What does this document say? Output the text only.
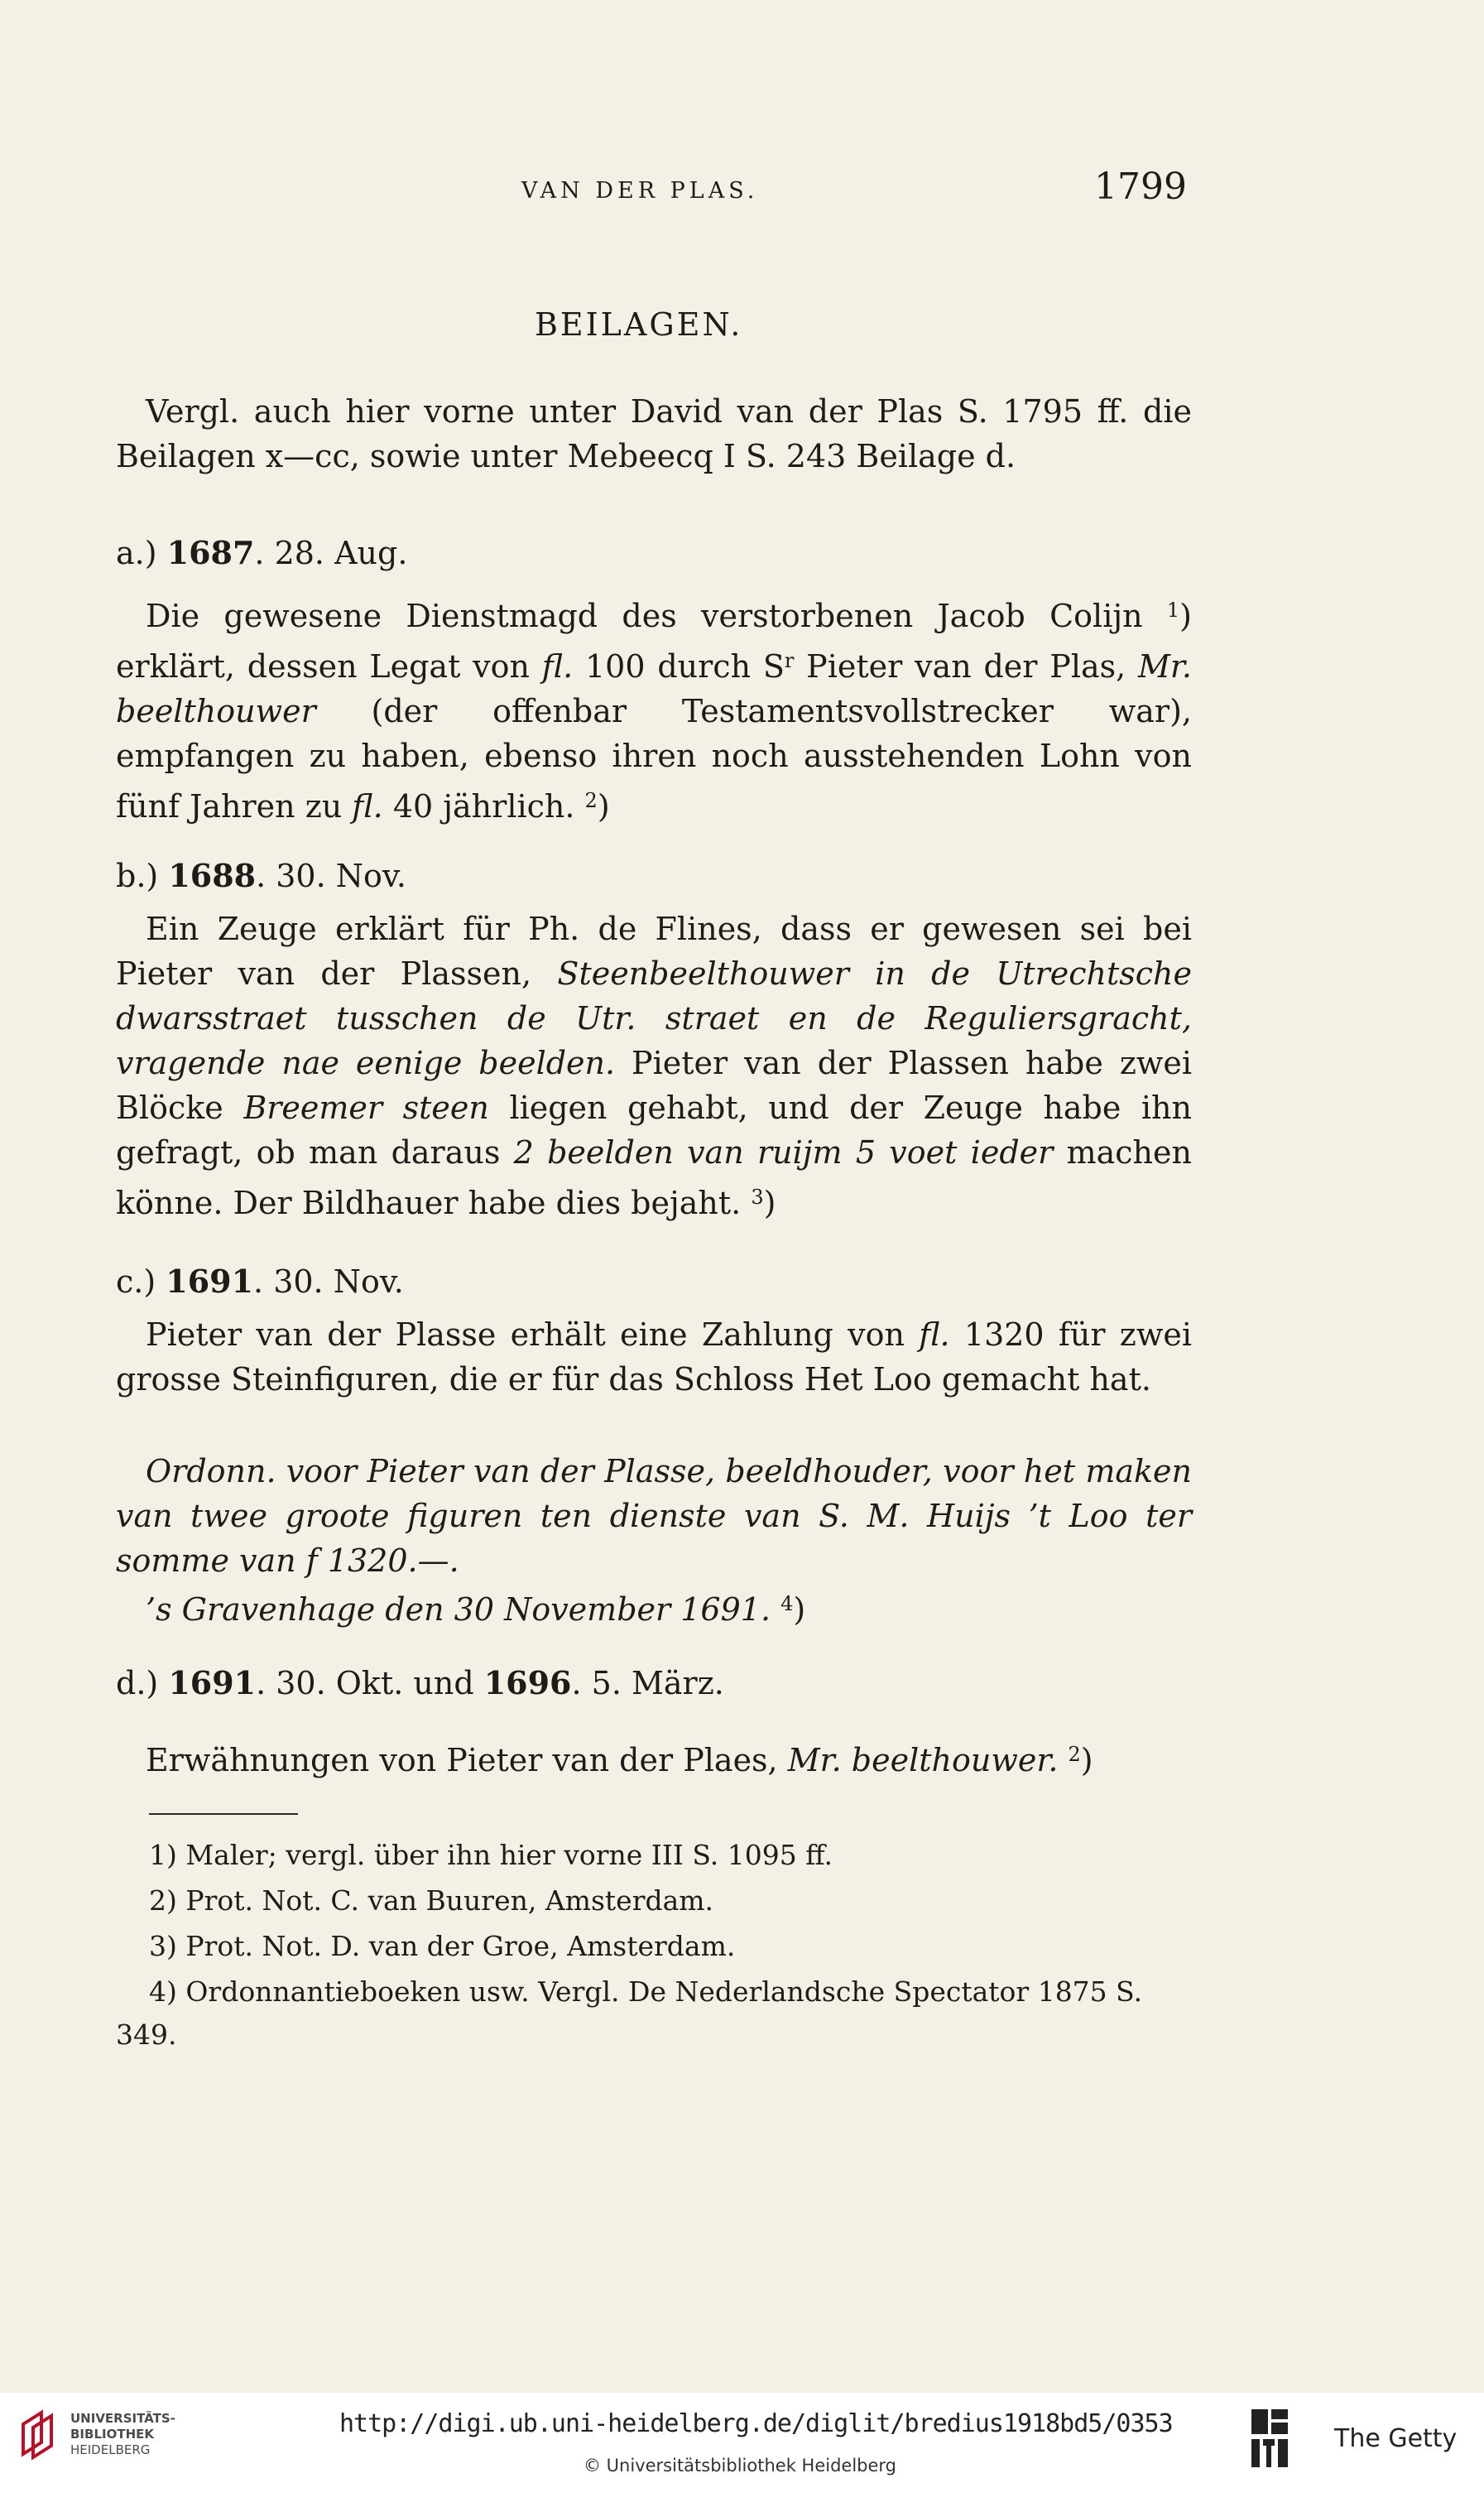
VAN DER PLAS.	1799
BEILAGEN.
Vergl. auch hier vorne unter David van der Plas S. 1795 ff. die Beilagen x—cc, sowie unter Mebeecq I S. 243 Beilage d.
a.) 1687. 28. Aug.
Die gewesene Dienstmagd des verstorbenen Jacob Colijn $^1$) erklärt, dessen Legat von fl. 100 durch $S^r$ Pieter van der Plas, Mr. beelthouwer (der offenbar Testamentsvollstrecker war), empfangen zu haben, ebenso ihren noch ausstehenden Lohn von fünf Jahren zu fl. 40 jährlich. $^2$)
b.) 1688. 30. Nov.
Ein Zeuge erklärt für Ph. de Flines, dass er gewesen sei bei Pieter van der Plassen, Steenbeelthouwer in de Utrechtsche dwarsstraet tusschen de Utr. straet en de Reguliersgracht, vragende nae eenige beelden. Pieter van der Plassen habe zwei Blöcke Breemer steen liegen gehabt, und der Zeuge habe ihn gefragt, ob man daraus 2 beelden van ruijm 5 voet ieder machen könne. Der Bildhauer habe dies bejaht. $^3$)
c.) 1691. 30. Nov.
Pieter van der Plasse erhält eine Zahlung von fl. 1320 für zwei grosse Steinfiguren, die er für das Schloss Het Loo gemacht hat.
Ordonn. voor Pieter van der Plasse, beeldhouder, voor het maken van twee groote figuren ten dienste van S. M. Huijs ’t Loo ter somme van f 1320.—.
’s Gravenhage den 30 November 1691. $^4$)
d.) 1691. 30. Okt. und 1696. 5. März.
Erwähnungen von Pieter van der Plaes, Mr. beelthouwer. $^2$)
1) Maler; vergl. über ihn hier vorne III S. 1095 ff.
2) Prot. Not. C. van Buuren, Amsterdam.
3) Prot. Not. D. van der Groe, Amsterdam.
4) Ordonnantieboeken usw. Vergl. De Nederlandsche Spectator 1875 S. 349.
UNIVERSITÄTS-
BIBLIOTHEK
HEIDELBERG
http://digi.ub.uni-heidelberg.de/diglit/bredius1918bd5/0353
© Universitätsbibliothek Heidelberg
The Getty
